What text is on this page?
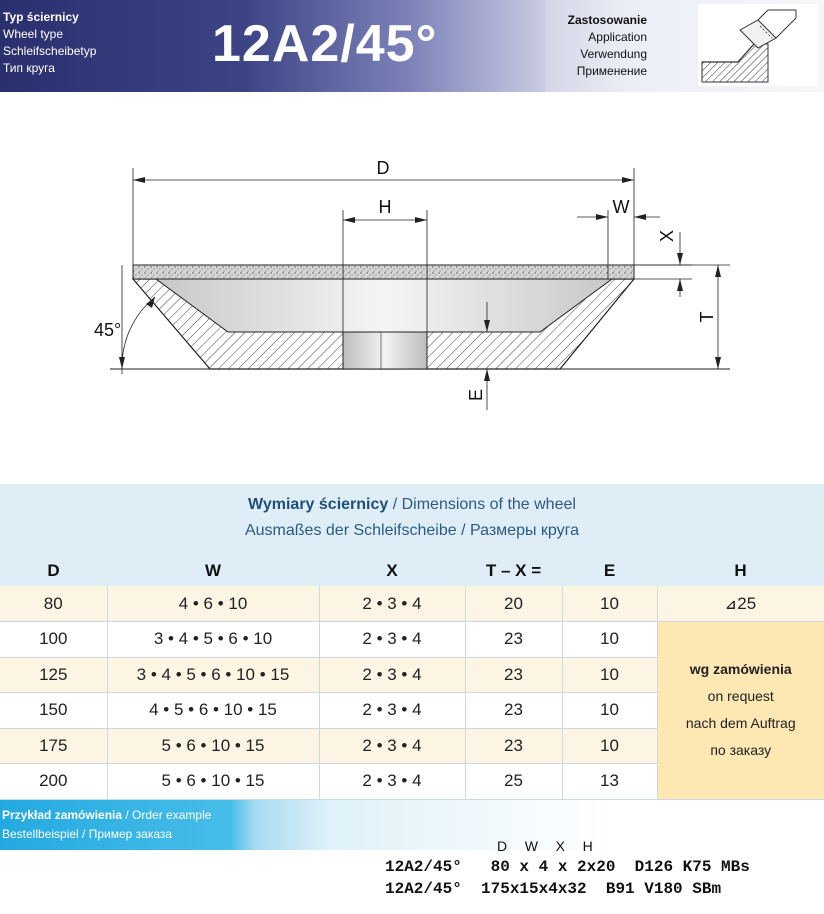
Typ ściernicy
Wheel type
Schleifscheibetyp
Тип круга	12A2/45°	Zastosowanie
Application
Verwendung
Применение
D
H	W
X
T
E
45°
Wymiary ściernicy / Dimensions of the wheel
Ausmaßes der Schleifscheibe / Размеры круга
D	W	X	T – X =	E	H
80	4 • 6 • 10	2 • 3 • 4	20	10	⊿25
100	3 • 4 • 5 • 6 • 10	2 • 3 • 4	23	10	wg zamówienia
on request
nach dem Auftrag
по заказу

125	3 • 4 • 5 • 6 • 10 • 15	2 • 3 • 4	23	10	
150	4 • 5 • 6 • 10 • 15	2 • 3 • 4	23	10	
175	5 • 6 • 10 • 15	2 • 3 • 4	23	10	
200	5 • 6 • 10 • 15	2 • 3 • 4	25	13	
Przykład zamówienia / Order example
Bestellbeispiel / Пример заказа
D   W   X   H
12A2/45°   80 x 4 x 2x20  D126 K75 MBs
12A2/45°  175x15x4x32  B91 V180 SBm
